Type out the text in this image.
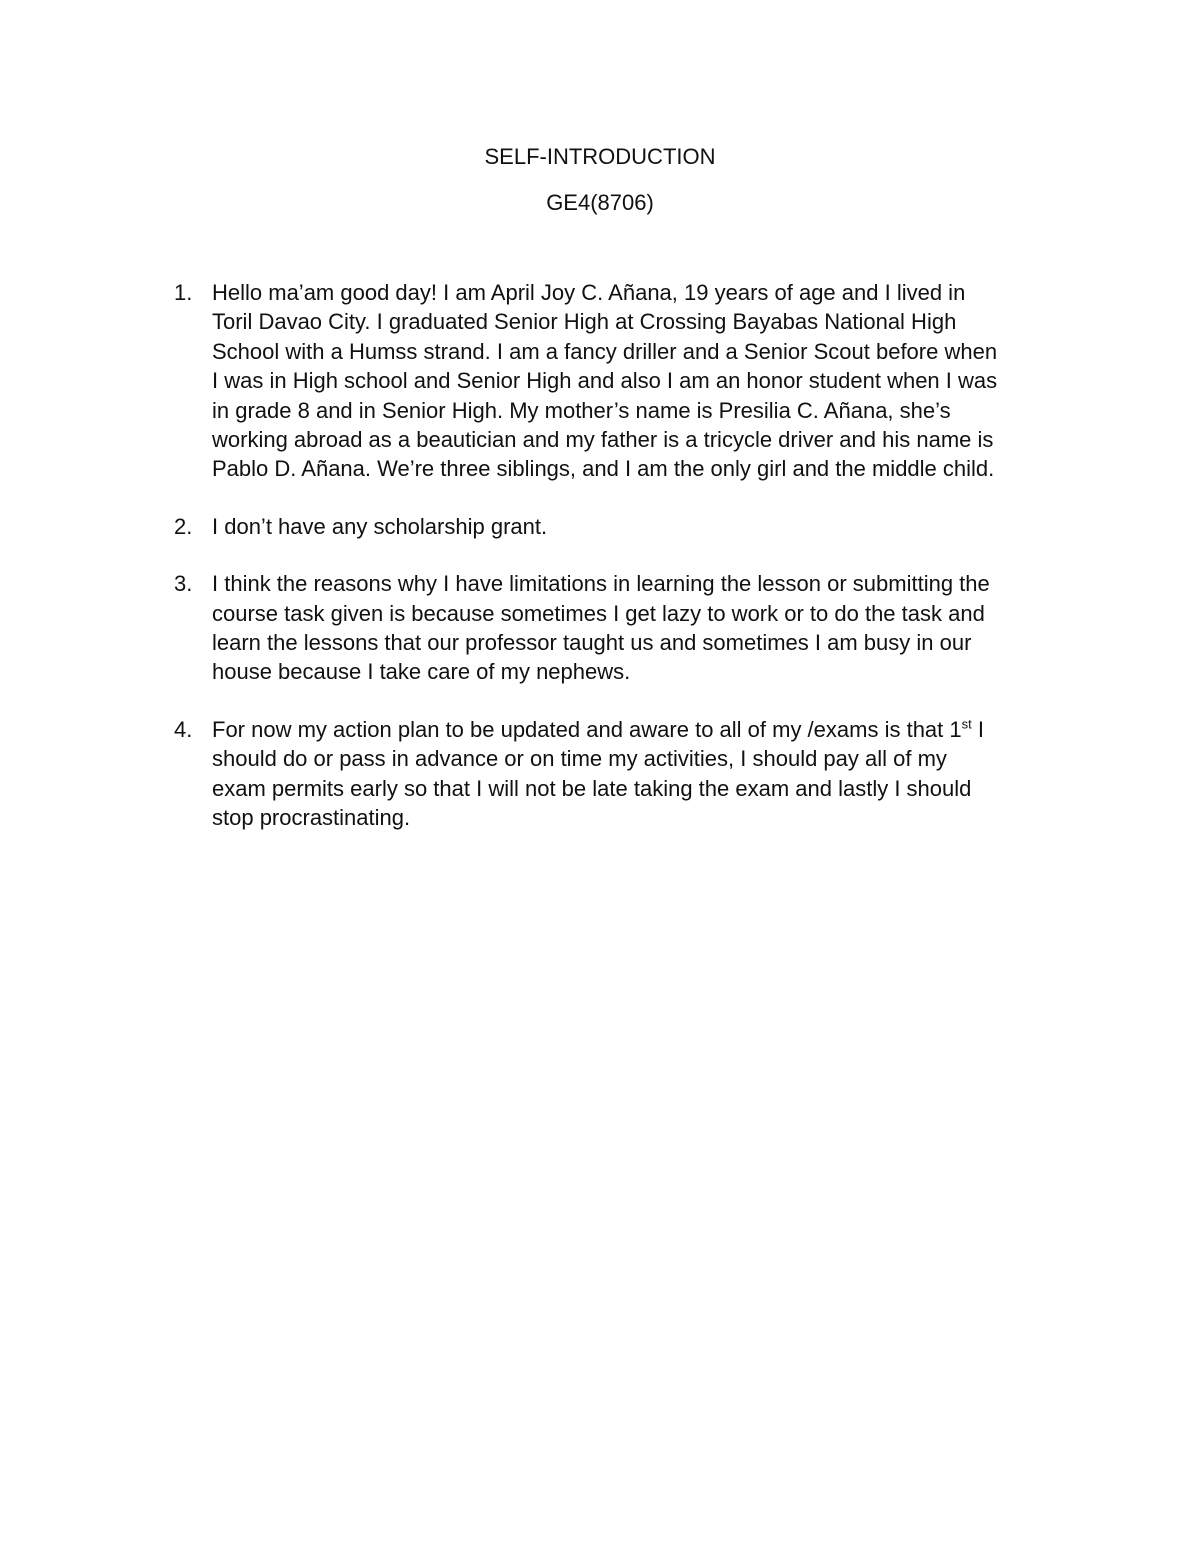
SELF-INTRODUCTION
GE4(8706)
1. Hello ma’am good day! I am April Joy C. Añana, 19 years of age and I lived in
Toril Davao City. I graduated Senior High at Crossing Bayabas National High
School with a Humss strand. I am a fancy driller and a Senior Scout before when
I was in High school and Senior High and also I am an honor student when I was
in grade 8 and in Senior High. My mother’s name is Presilia C. Añana, she’s
working abroad as a beautician and my father is a tricycle driver and his name is
Pablo D. Añana. We’re three siblings, and I am the only girl and the middle child.
2. I don’t have any scholarship grant.
3. I think the reasons why I have limitations in learning the lesson or submitting the
course task given is because sometimes I get lazy to work or to do the task and
learn the lessons that our professor taught us and sometimes I am busy in our
house because I take care of my nephews.
4. For now my action plan to be updated and aware to all of my /exams is that 1st I
should do or pass in advance or on time my activities, I should pay all of my
exam permits early so that I will not be late taking the exam and lastly I should
stop procrastinating.
